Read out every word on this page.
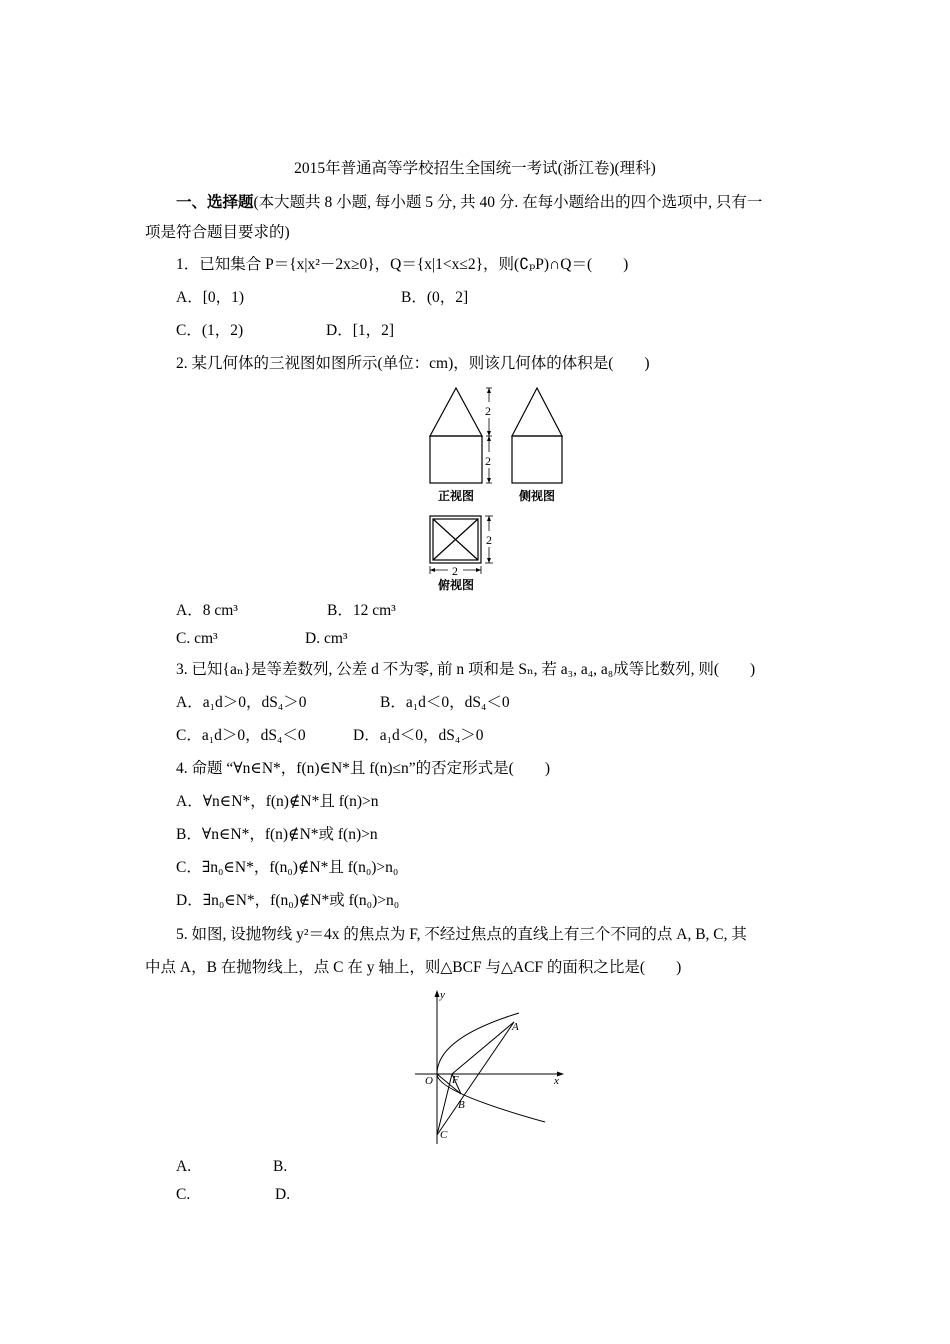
2015年普通高等学校招生全国统一考试(浙江卷)(理科)
一、选择题(本大题共 8 小题, 每小题 5 分, 共 40 分. 在每小题给出的四个选项中, 只有一
项是符合题目要求的)
1．已知集合 P＝{x|x²－2x≥0}，Q＝{x|1<x≤2}，则(∁ₚP)∩Q＝(　　)
A．[0，1)	B．(0，2]
C．(1，2)	D．[1，2]
2. 某几何体的三视图如图所示(单位：cm)，则该几何体的体积是(　　)
2
2
2
2
正视图	侧视图
俯视图
A．8 cm³	B．12 cm³
C. cm³	D. cm³
3. 已知{aₙ}是等差数列, 公差 d 不为零, 前 n 项和是 Sₙ, 若 a₃, a₄, a₈成等比数列, 则(　　)
A．a₁d＞0，dS₄＞0	B．a₁d＜0，dS₄＜0
C．a₁d＞0，dS₄＜0	D．a₁d＜0，dS₄＞0
4. 命题 “∀n∈N*，f(n)∈N*且 f(n)≤n”的否定形式是(　　)
A．∀n∈N*，f(n)∉N*且 f(n)>n
B．∀n∈N*，f(n)∉N*或 f(n)>n
C．∃n₀∈N*，f(n₀)∉N*且 f(n₀)>n₀
D．∃n₀∈N*，f(n₀)∉N*或 f(n₀)>n₀
5. 如图, 设抛物线 y²＝4x 的焦点为 F, 不经过焦点的直线上有三个不同的点 A, B, C, 其
中点 A，B 在抛物线上，点 C 在 y 轴上，则△BCF 与△ACF 的面积之比是(　　)
y
x
O F
A
B
C
A.	B.
C.	D.
